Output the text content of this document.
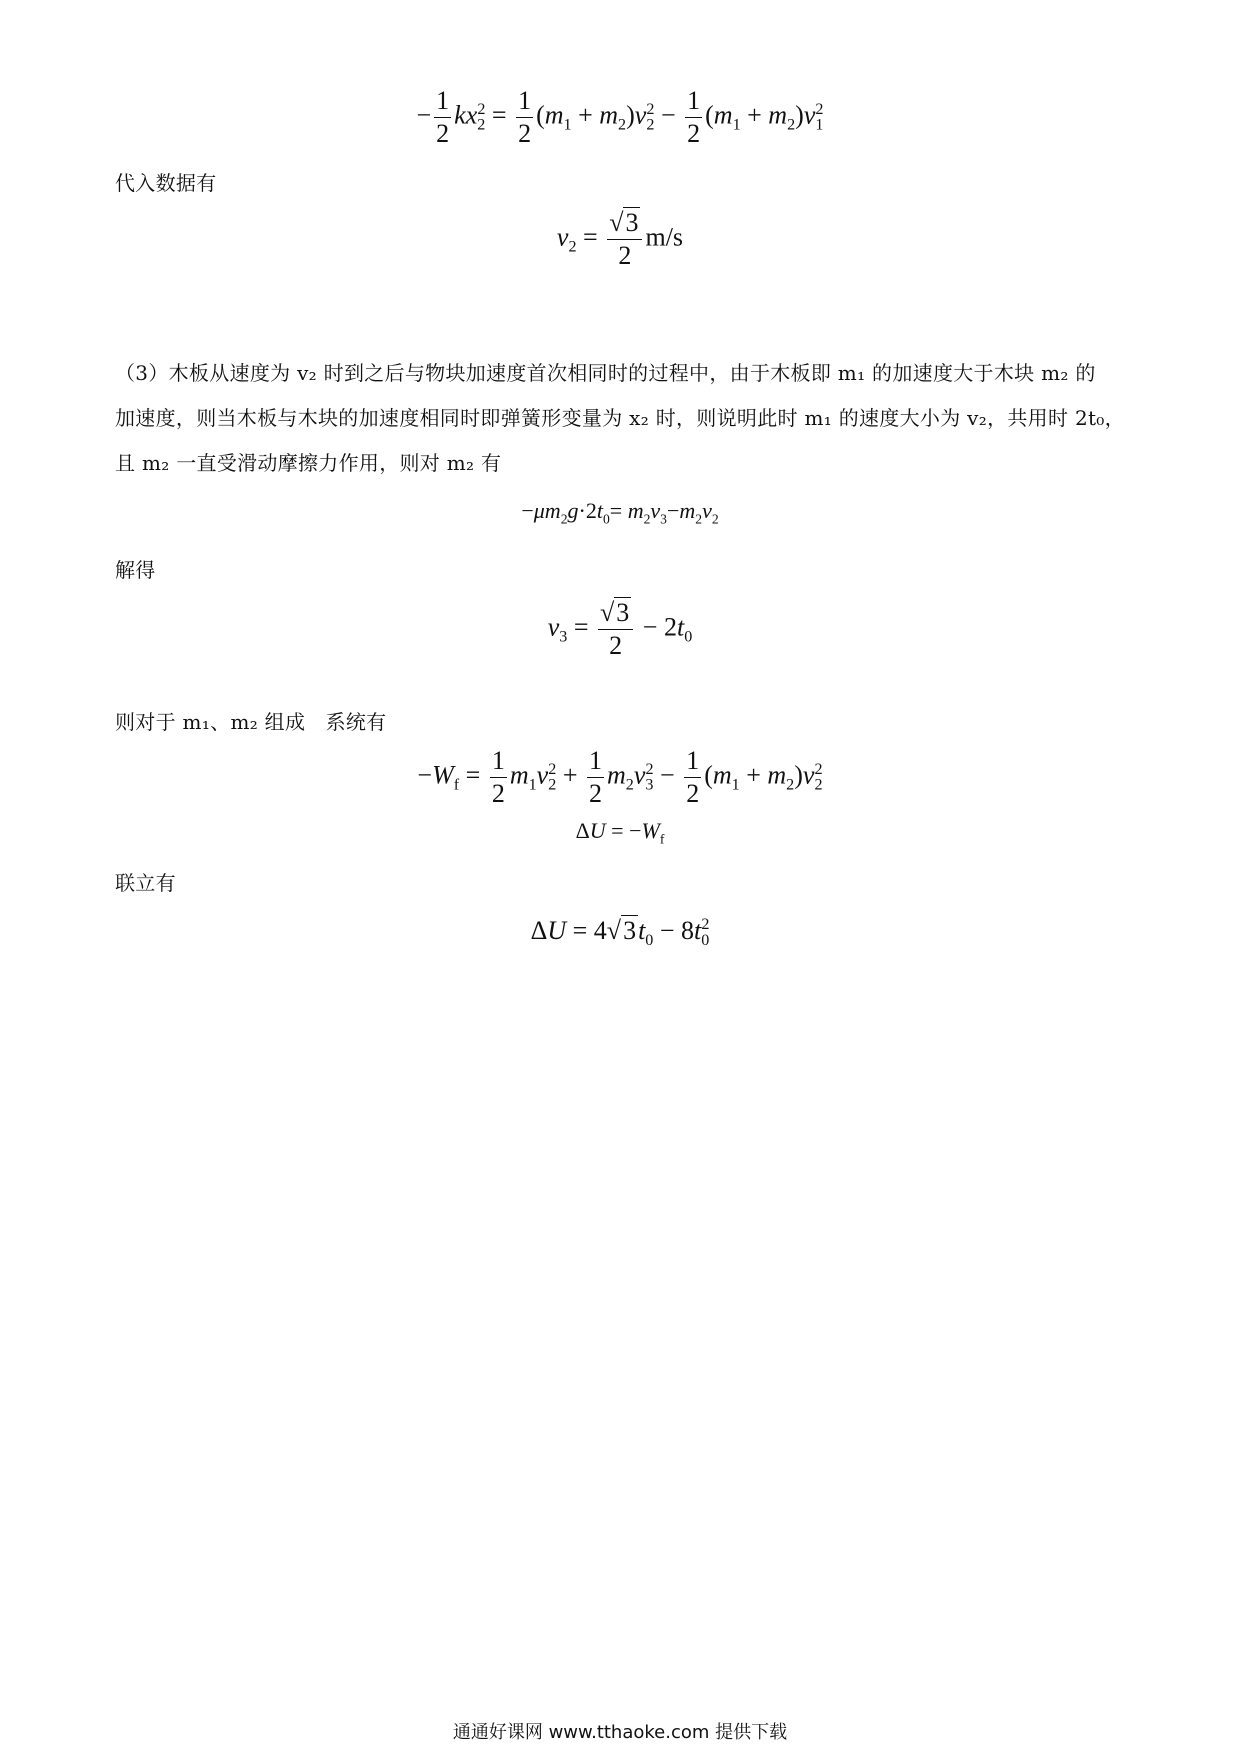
− $\frac{1}{2} kx_2^2 = \frac{1}{2} (m_1 + m_2)v_2^2 - \frac{1}{2} (m_1 + m_2)v_1^2$
代入数据有
$v_2 = \frac{√3}{2} m/s$
（3）木板从速度为 v₂ 时到之后与物块加速度首次相同时的过程中，由于木板即 m₁ 的加速度大于木块 m₂ 的
加速度，则当木板与木块的加速度相同时即弹簧形变量为 x₂ 时，则说明此时 m₁ 的速度大小为 v₂，共用时 2t₀，
且 m₂ 一直受滑动摩擦力作用，则对 m₂ 有
$-\mu m_2g\cdot 2t_0= m_2v_3-m_2v_2$
解得
$v_3 = \frac{√3}{2} - 2t_0$
则对于 m₁、m₂ 组成　系统有
$-W_f = \frac{1}{2} m_1v_2^2 + \frac{1}{2} m_2v_3^2 - \frac{1}{2} (m_1 + m_2)v_2^2$
$\Delta U = -W_f$
联立有
$\Delta U = 4√3t_0 - 8t_0^2$
通通好课网 www.tthaoke.com 提供下载
